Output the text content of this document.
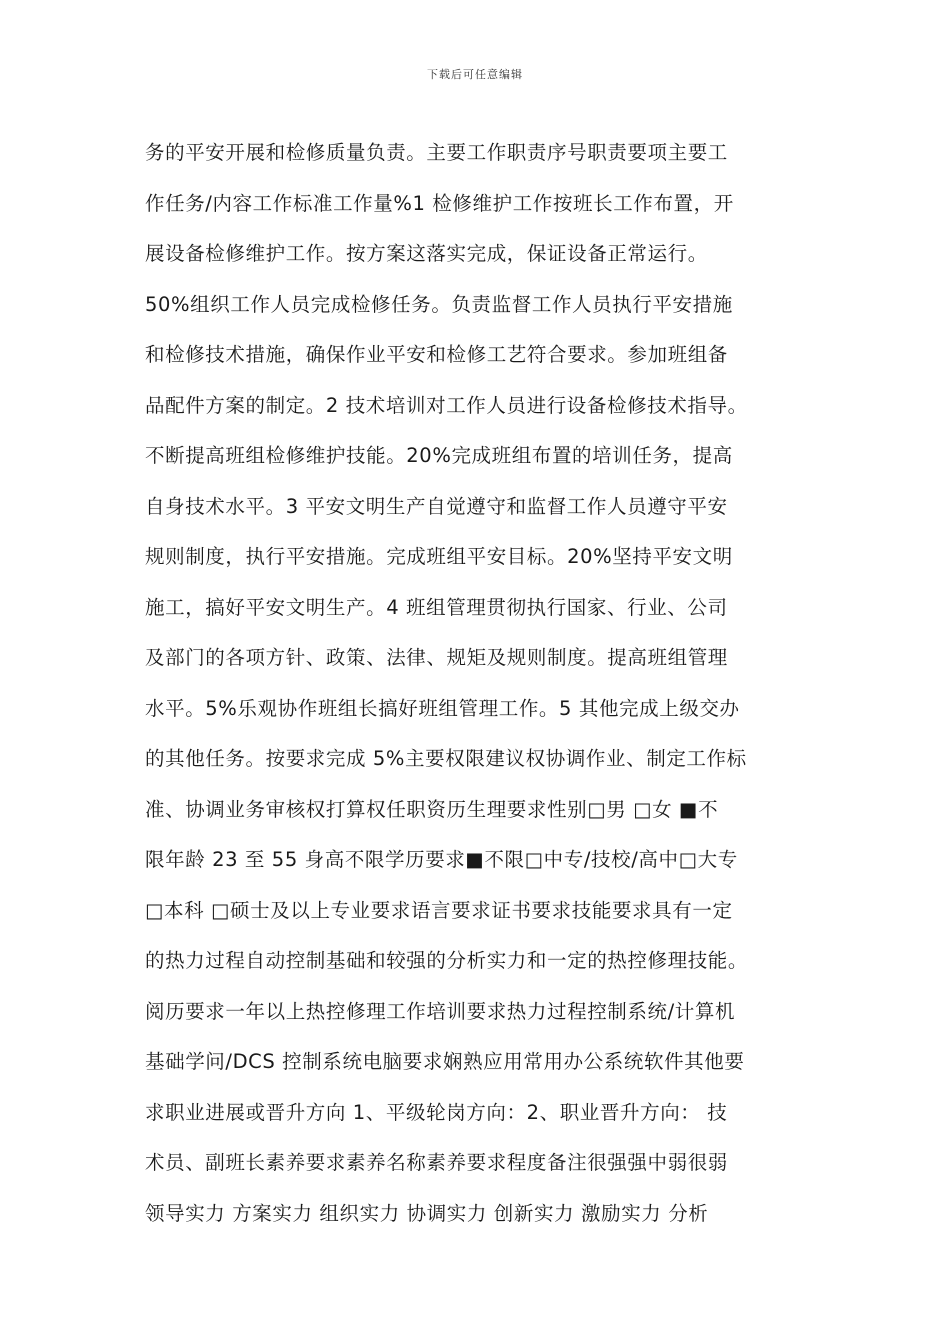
下载后可任意编辑
务的平安开展和检修质量负责。主要工作职责序号职责要项主要工
作任务/内容工作标准工作量%1 检修维护工作按班长工作布置，开
展设备检修维护工作。按方案这落实完成，保证设备正常运行。
50%组织工作人员完成检修任务。负责监督工作人员执行平安措施
和检修技术措施，确保作业平安和检修工艺符合要求。参加班组备
品配件方案的制定。2 技术培训对工作人员进行设备检修技术指导。
不断提高班组检修维护技能。20%完成班组布置的培训任务，提高
自身技术水平。3 平安文明生产自觉遵守和监督工作人员遵守平安
规则制度，执行平安措施。完成班组平安目标。20%坚持平安文明
施工，搞好平安文明生产。4 班组管理贯彻执行国家、行业、公司
及部门的各项方针、政策、法律、规矩及规则制度。提高班组管理
水平。5%乐观协作班组长搞好班组管理工作。5 其他完成上级交办
的其他任务。按要求完成 5%主要权限建议权协调作业、制定工作标
准、协调业务审核权打算权任职资历生理要求性别□男 □女 ■不
限年龄 23 至 55 身高不限学历要求■不限□中专/技校/高中□大专
□本科 □硕士及以上专业要求语言要求证书要求技能要求具有一定
的热力过程自动控制基础和较强的分析实力和一定的热控修理技能。
阅历要求一年以上热控修理工作培训要求热力过程控制系统/计算机
基础学问/DCS 控制系统电脑要求娴熟应用常用办公系统软件其他要
求职业进展或晋升方向 1、平级轮岗方向：2、职业晋升方向： 技
术员、副班长素养要求素养名称素养要求程度备注很强强中弱很弱
领导实力 方案实力 组织实力 协调实力 创新实力 激励实力 分析
